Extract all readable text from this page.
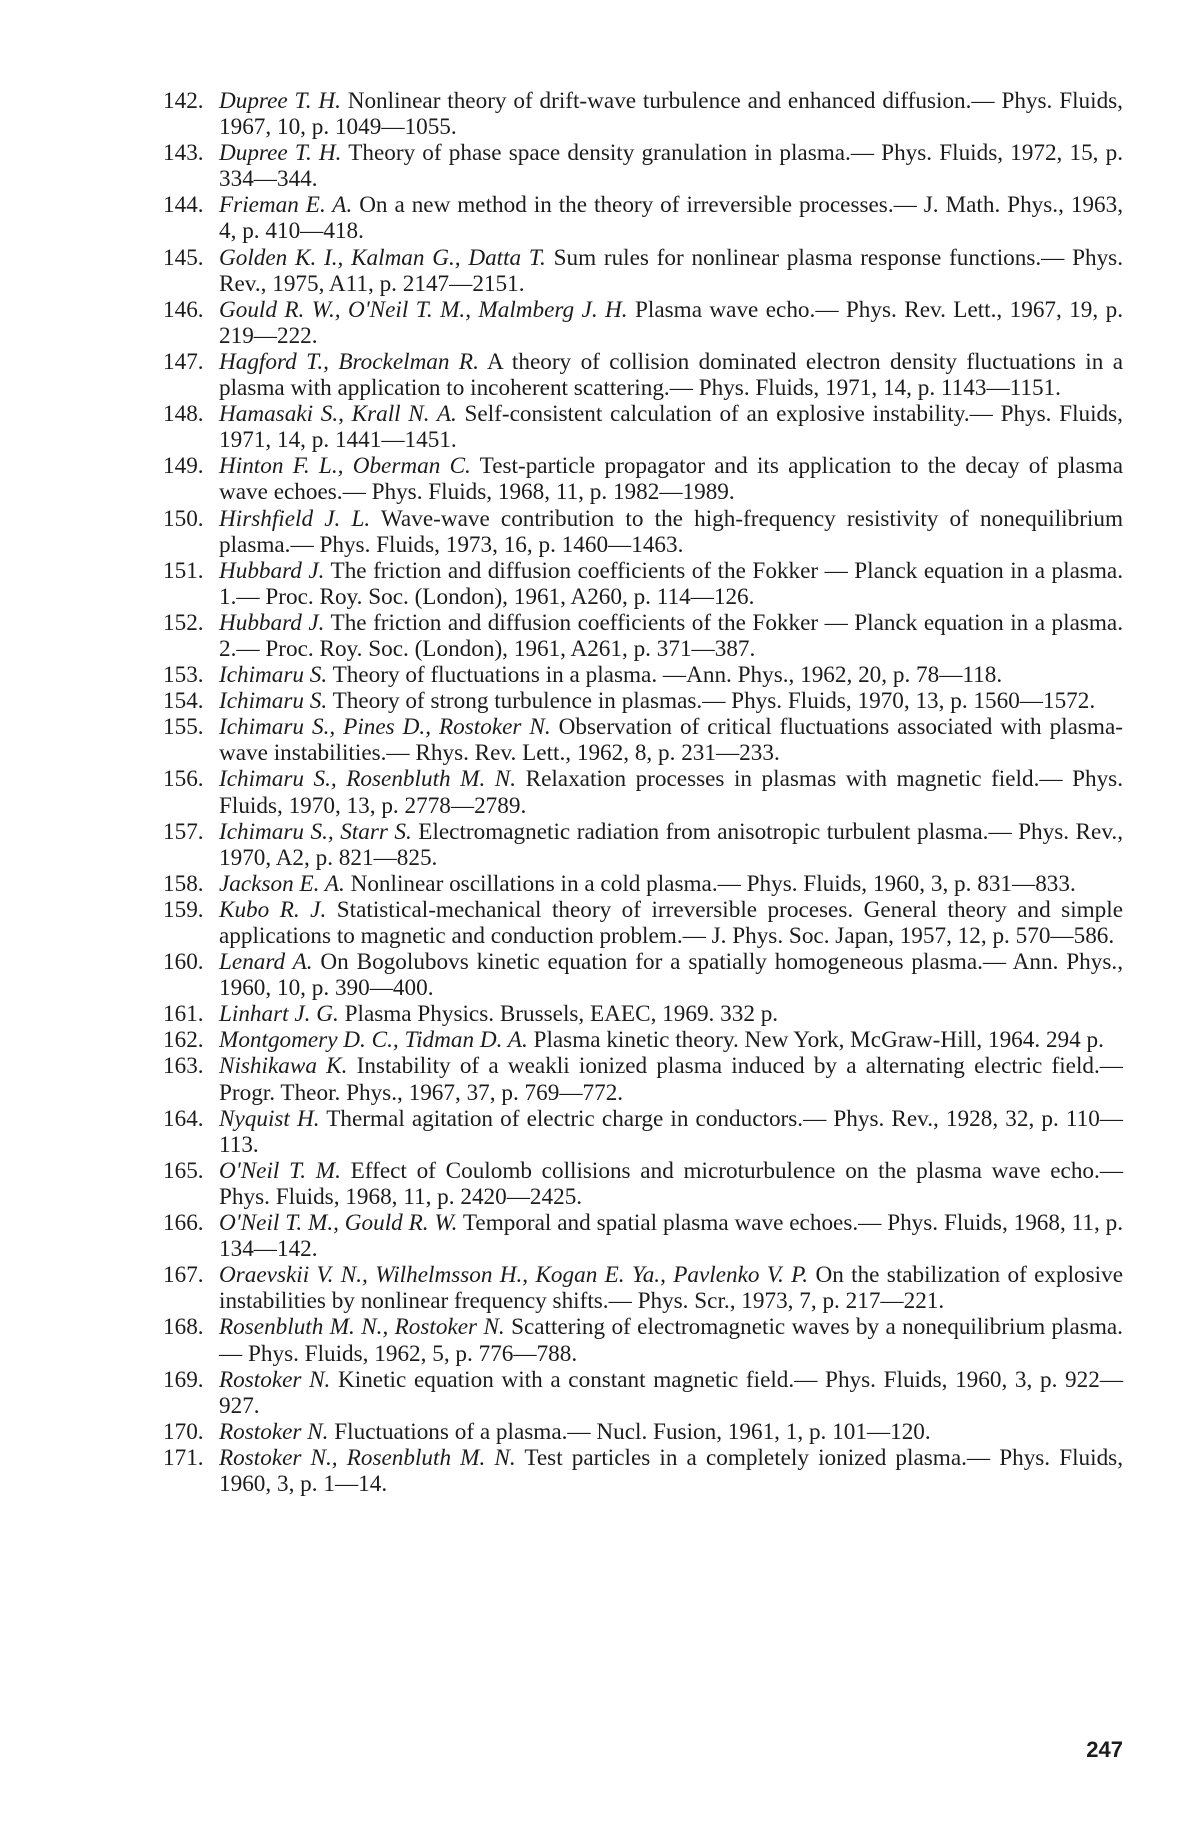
142. Dupree T. H. Nonlinear theory of drift-wave turbulence and enhanced diffusion.— Phys. Fluids, 1967, 10, p. 1049—1055.
143. Dupree T. H. Theory of phase space density granulation in plasma.— Phys. Fluids, 1972, 15, p. 334—344.
144. Frieman E. A. On a new method in the theory of irreversible processes.— J. Math. Phys., 1963, 4, p. 410—418.
145. Golden K. I., Kalman G., Datta T. Sum rules for nonlinear plasma response functions.— Phys. Rev., 1975, A11, p. 2147—2151.
146. Gould R. W., O'Neil T. M., Malmberg J. H. Plasma wave echo.— Phys. Rev. Lett., 1967, 19, p. 219—222.
147. Hagford T., Brockelman R. A theory of collision dominated electron density fluctuations in a plasma with application to incoherent scattering.— Phys. Fluids, 1971, 14, p. 1143—1151.
148. Hamasaki S., Krall N. A. Self-consistent calculation of an explosive instability.— Phys. Fluids, 1971, 14, p. 1441—1451.
149. Hinton F. L., Oberman C. Test-particle propagator and its application to the decay of plasma wave echoes.— Phys. Fluids, 1968, 11, p. 1982—1989.
150. Hirshfield J. L. Wave-wave contribution to the high-frequency resistivity of nonequilibrium plasma.— Phys. Fluids, 1973, 16, p. 1460—1463.
151. Hubbard J. The friction and diffusion coefficients of the Fokker — Planck equation in a plasma. 1.— Proc. Roy. Soc. (London), 1961, A260, p. 114—126.
152. Hubbard J. The friction and diffusion coefficients of the Fokker — Planck equation in a plasma. 2.— Proc. Roy. Soc. (London), 1961, A261, p. 371—387.
153. Ichimaru S. Theory of fluctuations in a plasma. —Ann. Phys., 1962, 20, p. 78—118.
154. Ichimaru S. Theory of strong turbulence in plasmas.— Phys. Fluids, 1970, 13, p. 1560—1572.
155. Ichimaru S., Pines D., Rostoker N. Observation of critical fluctuations associated with plasma-wave instabilities.— Rhys. Rev. Lett., 1962, 8, p. 231—233.
156. Ichimaru S., Rosenbluth M. N. Relaxation processes in plasmas with magnetic field.— Phys. Fluids, 1970, 13, p. 2778—2789.
157. Ichimaru S., Starr S. Electromagnetic radiation from anisotropic turbulent plasma.— Phys. Rev., 1970, A2, p. 821—825.
158. Jackson E. A. Nonlinear oscillations in a cold plasma.— Phys. Fluids, 1960, 3, p. 831—833.
159. Kubo R. J. Statistical-mechanical theory of irreversible proceses. General theory and simple applications to magnetic and conduction problem.— J. Phys. Soc. Japan, 1957, 12, p. 570—586.
160. Lenard A. On Bogolubovs kinetic equation for a spatially homogeneous plasma.— Ann. Phys., 1960, 10, p. 390—400.
161. Linhart J. G. Plasma Physics. Brussels, EAEC, 1969. 332 p.
162. Montgomery D. C., Tidman D. A. Plasma kinetic theory. New York, McGraw-Hill, 1964. 294 p.
163. Nishikawa K. Instability of a weakli ionized plasma induced by a alternating electric field.— Progr. Theor. Phys., 1967, 37, p. 769—772.
164. Nyquist H. Thermal agitation of electric charge in conductors.— Phys. Rev., 1928, 32, p. 110—113.
165. O'Neil T. M. Effect of Coulomb collisions and microturbulence on the plasma wave echo.— Phys. Fluids, 1968, 11, p. 2420—2425.
166. O'Neil T. M., Gould R. W. Temporal and spatial plasma wave echoes.— Phys. Fluids, 1968, 11, p. 134—142.
167. Oraevskii V. N., Wilhelmsson H., Kogan E. Ya., Pavlenko V. P. On the stabilization of explosive instabilities by nonlinear frequency shifts.— Phys. Scr., 1973, 7, p. 217—221.
168. Rosenbluth M. N., Rostoker N. Scattering of electromagnetic waves by a nonequilibrium plasma.— Phys. Fluids, 1962, 5, p. 776—788.
169. Rostoker N. Kinetic equation with a constant magnetic field.— Phys. Fluids, 1960, 3, p. 922—927.
170. Rostoker N. Fluctuations of a plasma.— Nucl. Fusion, 1961, 1, p. 101—120.
171. Rostoker N., Rosenbluth M. N. Test particles in a completely ionized plasma.— Phys. Fluids, 1960, 3, p. 1—14.
247
